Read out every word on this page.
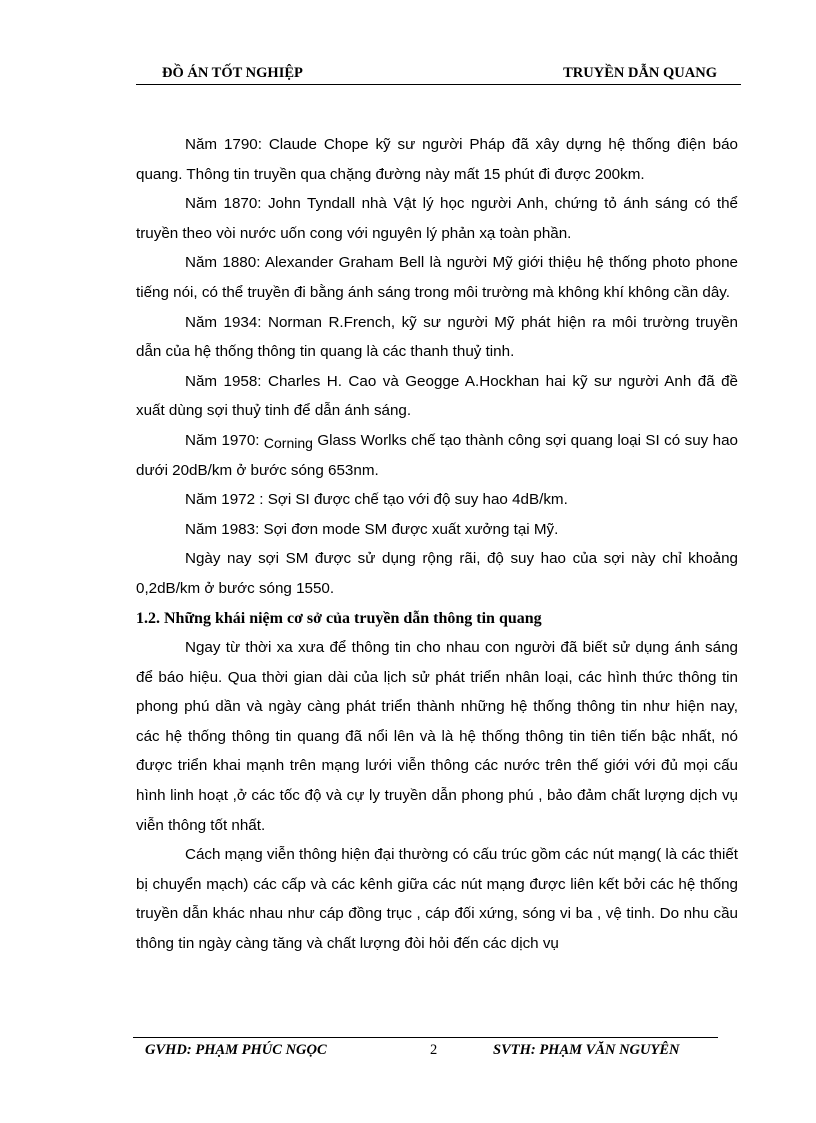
ĐỒ ÁN TỐT NGHIỆP	TRUYỀN DẪN QUANG

Năm 1790: Claude Chope kỹ sư người Pháp đã xây dựng hệ thống điện báo quang. Thông tin truyền qua chặng đường này mất 15 phút đi được 200km.

Năm 1870: John Tyndall nhà Vật lý học người Anh, chứng tỏ ánh sáng có thể truyền theo vòi nước uốn cong với nguyên lý phản xạ toàn phần.

Năm 1880: Alexander Graham Bell là người Mỹ giới thiệu hệ thống photo phone tiếng nói, có thể truyền đi bằng ánh sáng trong môi trường mà không khí không cần dây.

Năm 1934: Norman R.French, kỹ sư người Mỹ phát hiện ra môi trường truyền dẫn của hệ thống thông tin quang là các thanh thuỷ tinh.

Năm 1958: Charles H. Cao và Geogge A.Hockhan hai kỹ sư người Anh đã đề xuất dùng sợi thuỷ tinh để dẫn ánh sáng.

Năm 1970: Corning Glass Worlks chế tạo thành công sợi quang loại SI có suy hao dưới 20dB/km ở bước sóng 653nm.

Năm 1972 : Sợi SI được chế tạo với độ suy hao 4dB/km.

Năm 1983: Sợi đơn mode SM được xuất xưởng tại Mỹ.

Ngày nay sợi SM được sử dụng rộng rãi, độ suy hao của sợi này chỉ khoảng 0,2dB/km ở bước sóng 1550.

1.2. Những khái niệm cơ sở của truyền dẫn thông tin quang

Ngay từ thời xa xưa để thông tin cho nhau con người đã biết sử dụng ánh sáng để báo hiệu. Qua thời gian dài của lịch sử phát triển nhân loại, các hình thức thông tin phong phú dần và ngày càng phát triển thành những hệ thống thông tin như hiện nay, các hệ thống thông tin quang đã nổi lên và là hệ thống thông tin tiên tiến bậc nhất, nó được triển khai mạnh trên mạng lưới viễn thông các nước trên thế giới với đủ mọi cấu hình linh hoạt ,ở các tốc độ và cự ly truyền dẫn phong phú , bảo đảm chất lượng dịch vụ viễn thông tốt nhất.

Cách mạng viễn thông hiện đại thường có cấu trúc gồm các nút mạng( là các thiết bị chuyển mạch) các cấp và các kênh giữa các nút mạng được liên kết bởi các hệ thống truyền dẫn khác nhau như cáp đồng trục , cáp đối xứng, sóng vi ba , vệ tinh. Do nhu cầu thông tin ngày càng tăng và chất lượng đòi hỏi đến các dịch vụ

GVHD: PHẠM PHÚC NGỌC	2	SVTH: PHẠM VĂN NGUYÊN
